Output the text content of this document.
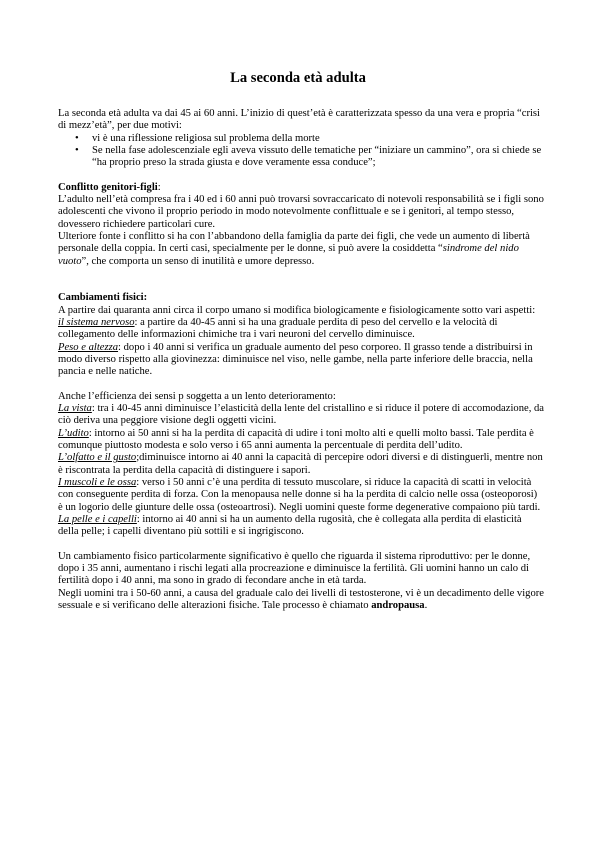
La seconda età adulta

La seconda età adulta va dai 45 ai 60 anni. L’inizio di quest’età è caratterizzata spesso da una vera e propria “crisi di mezz’età”, per due motivi:

• vi è una riflessione religiosa sul problema della morte
• Se nella fase adolescenziale egli aveva vissuto delle tematiche per “iniziare un cammino”, ora si chiede se “ha proprio preso la strada giusta e dove veramente essa conduce”;

Conflitto genitori-figli:

L’adulto nell’età compresa fra i 40 ed i 60 anni può trovarsi sovraccaricato di notevoli responsabilità se i figli sono adolescenti che vivono il proprio periodo in modo notevolmente conflittuale e se i genitori, al tempo stesso, dovessero richiedere particolari cure.

Ulteriore fonte i conflitto si ha con l’abbandono della famiglia da parte dei figli, che vede un aumento di libertà personale della coppia. In certi casi, specialmente per le donne, si può avere la cosiddetta “sindrome del nido vuoto”, che comporta un senso di inutilità e umore depresso.

Cambiamenti fisici:

A partire dai quaranta anni circa il corpo umano si modifica biologicamente e fisiologicamente sotto vari aspetti:

il sistema nervoso: a partire da 40-45 anni si ha una graduale perdita di peso del cervello e la velocità di collegamento delle informazioni chimiche tra i vari neuroni del cervello diminuisce.

Peso e altezza: dopo i 40 anni si verifica un graduale aumento del peso corporeo. Il grasso tende a distribuirsi in modo diverso rispetto alla giovinezza: diminuisce nel viso, nelle gambe, nella parte inferiore delle braccia, nella pancia e nelle natiche.

Anche l’efficienza dei sensi p soggetta a un lento deterioramento:

La vista: tra i 40-45 anni diminuisce l’elasticità della lente del cristallino e si riduce il potere di accomodazione, da ciò deriva una peggiore visione degli oggetti vicini.

L’udito: intorno ai 50 anni si ha la perdita di capacità di udire i toni molto alti e quelli molto bassi. Tale perdita è comunque piuttosto modesta e solo verso i 65 anni aumenta la percentuale di perdita dell’udito.

L’olfatto e il gusto;diminuisce intorno ai 40 anni la capacità di percepire odori diversi e di distinguerli, mentre non è riscontrata la perdita della capacità di distinguere i sapori.

I muscoli e le ossa: verso i 50 anni c’è una perdita di tessuto muscolare, si riduce la capacità di scatti in velocità con conseguente perdita di forza. Con la menopausa nelle donne si ha la perdita di calcio nelle ossa (osteoporosi) è un logorio delle giunture delle ossa (osteoartrosi). Negli uomini queste forme degenerative compaiono più tardi.

La pelle e i capelli: intorno ai 40 anni si ha un aumento della rugosità, che è collegata alla perdita di elasticità della pelle; i capelli diventano più sottili e si ingrigiscono.

Un cambiamento fisico particolarmente significativo è quello che riguarda il sistema riproduttivo: per le donne, dopo i 35 anni, aumentano i rischi legati alla procreazione e diminuisce la fertilità. Gli uomini hanno un calo di fertilità dopo i 40 anni, ma sono in grado di fecondare anche in età tarda.

Negli uomini tra i 50-60 anni, a causa del graduale calo dei livelli di testosterone, vi è un decadimento delle vigore sessuale e si verificano delle alterazioni fisiche. Tale processo è chiamato andropausa.
